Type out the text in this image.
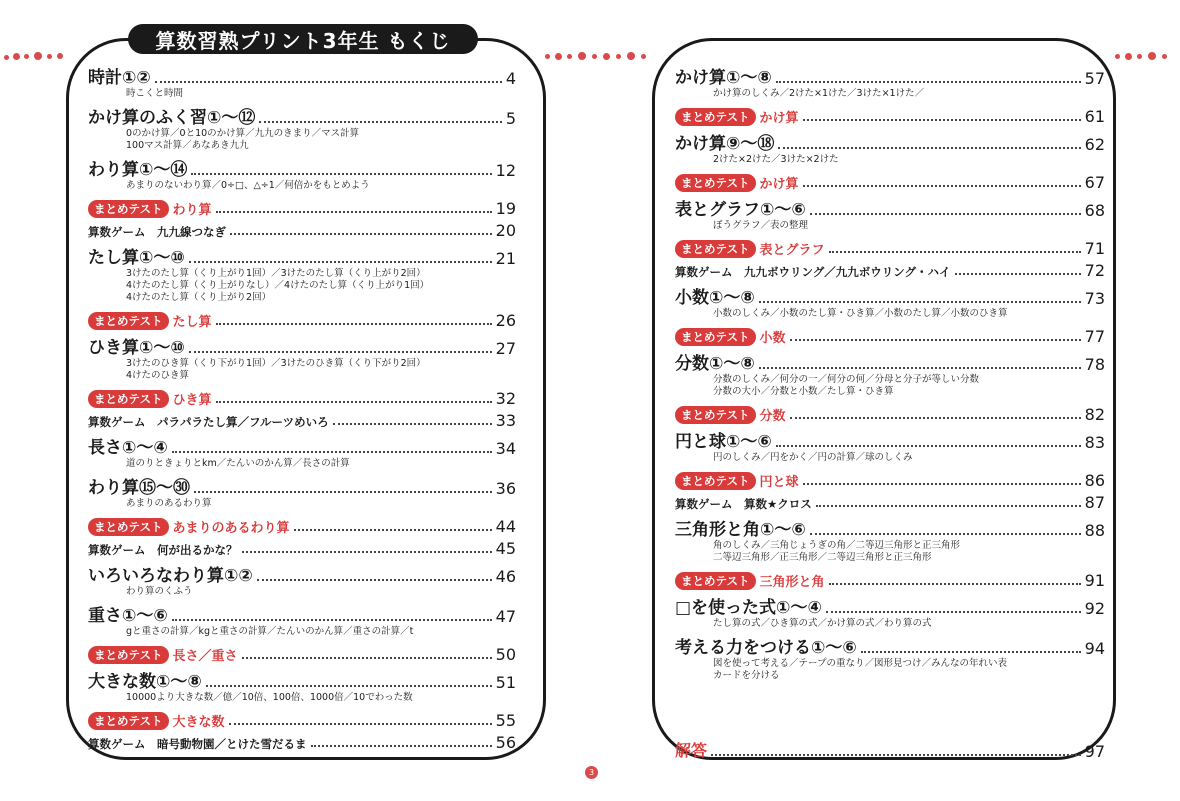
算数習熟プリント3年生 もくじ
時計①②	4
時こくと時間
かけ算のふく習①〜⑫	5
0のかけ算／0と10のかけ算／九九のきまり／マス計算
100マス計算／あなあき九九
わり算①〜⑭	12
あまりのないわり算／0÷□、△÷1／何倍かをもとめよう
まとめテスト わり算	19
算数ゲーム　九九線つなぎ	20
たし算①〜⑩	21
3けたのたし算（くり上がり1回）／3けたのたし算（くり上がり2回）
4けたのたし算（くり上がりなし）／4けたのたし算（くり上がり1回）
4けたのたし算（くり上がり2回）
まとめテスト たし算	26
ひき算①〜⑩	27
3けたのひき算（くり下がり1回）／3けたのひき算（くり下がり2回）
4けたのひき算
まとめテスト ひき算	32
算数ゲーム　パラパラたし算／フルーツめいろ	33
長さ①〜④	34
道のりときょりとkm／たんいのかん算／長さの計算
わり算⑮〜㉚	36
あまりのあるわり算
まとめテスト あまりのあるわり算	44
算数ゲーム　何が出るかな？	45
いろいろなわり算①②	46
わり算のくふう
重さ①〜⑥	47
gと重さの計算／kgと重さの計算／たんいのかん算／重さの計算／t
まとめテスト 長さ／重さ	50
大きな数①〜⑧	51
10000より大きな数／億／10倍、100倍、1000倍／10でわった数
まとめテスト 大きな数	55
算数ゲーム　暗号動物園／とけた雪だるま	56
かけ算①〜⑧	57
かけ算のしくみ／2けた×1けた／3けた×1けた／
まとめテスト かけ算	61
かけ算⑨〜⑱	62
2けた×2けた／3けた×2けた
まとめテスト かけ算	67
表とグラフ①〜⑥	68
ぼうグラフ／表の整理
まとめテスト 表とグラフ	71
算数ゲーム　九九ボウリング／九九ボウリング・ハイ	72
小数①〜⑧	73
小数のしくみ／小数のたし算・ひき算／小数のたし算／小数のひき算
まとめテスト 小数	77
分数①〜⑧	78
分数のしくみ／何分の一／何分の何／分母と分子が等しい分数
分数の大小／分数と小数／たし算・ひき算
まとめテスト 分数	82
円と球①〜⑥	83
円のしくみ／円をかく／円の計算／球のしくみ
まとめテスト 円と球	86
算数ゲーム　算数★クロス	87
三角形と角①〜⑥	88
角のしくみ／三角じょうぎの角／二等辺三角形と正三角形
二等辺三角形／正三角形／二等辺三角形と正三角形
まとめテスト 三角形と角	91
□を使った式①〜④	92
たし算の式／ひき算の式／かけ算の式／わり算の式
考える力をつける①〜⑥	94
図を使って考える／テープの重なり／図形見つけ／みんなの年れい表
カードを分ける
解答	97
3
